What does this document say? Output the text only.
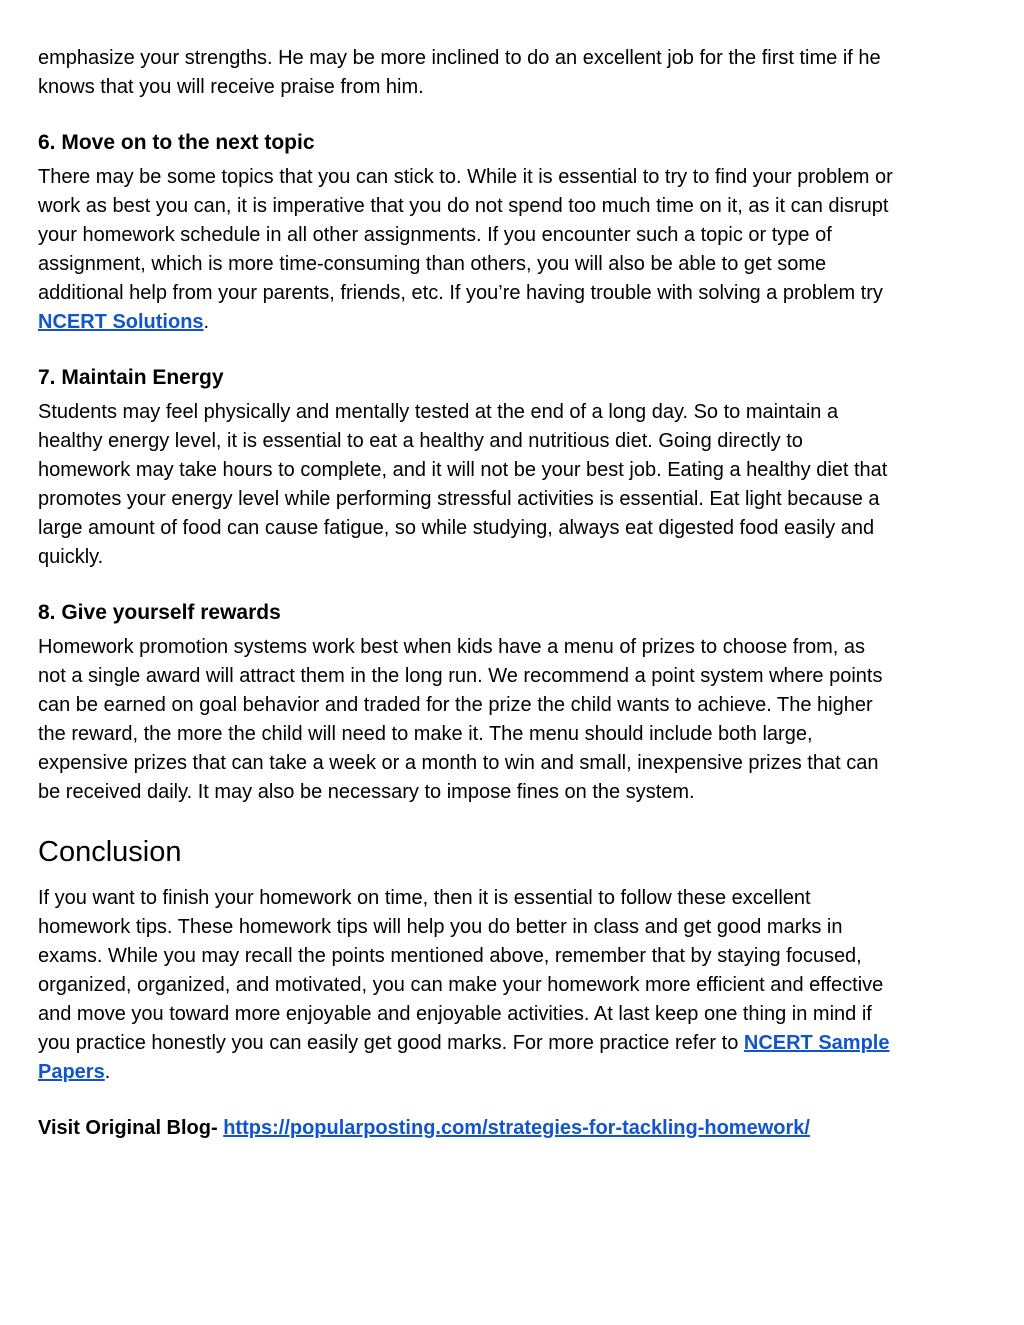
emphasize your strengths. He may be more inclined to do an excellent job for the first time if he knows that you will receive praise from him.

6. Move on to the next topic

There may be some topics that you can stick to. While it is essential to try to find your problem or work as best you can, it is imperative that you do not spend too much time on it, as it can disrupt your homework schedule in all other assignments. If you encounter such a topic or type of assignment, which is more time-consuming than others, you will also be able to get some additional help from your parents, friends, etc. If you’re having trouble with solving a problem try NCERT Solutions.

7. Maintain Energy

Students may feel physically and mentally tested at the end of a long day. So to maintain a healthy energy level, it is essential to eat a healthy and nutritious diet. Going directly to homework may take hours to complete, and it will not be your best job. Eating a healthy diet that promotes your energy level while performing stressful activities is essential. Eat light because a large amount of food can cause fatigue, so while studying, always eat digested food easily and quickly.

8. Give yourself rewards

Homework promotion systems work best when kids have a menu of prizes to choose from, as not a single award will attract them in the long run. We recommend a point system where points can be earned on goal behavior and traded for the prize the child wants to achieve. The higher the reward, the more the child will need to make it. The menu should include both large, expensive prizes that can take a week or a month to win and small, inexpensive prizes that can be received daily. It may also be necessary to impose fines on the system.

Conclusion

If you want to finish your homework on time, then it is essential to follow these excellent homework tips. These homework tips will help you do better in class and get good marks in exams. While you may recall the points mentioned above, remember that by staying focused, organized, organized, and motivated, you can make your homework more efficient and effective and move you toward more enjoyable and enjoyable activities. At last keep one thing in mind if you practice honestly you can easily get good marks. For more practice refer to NCERT Sample Papers.

Visit Original Blog- https://popularposting.com/strategies-for-tackling-homework/
